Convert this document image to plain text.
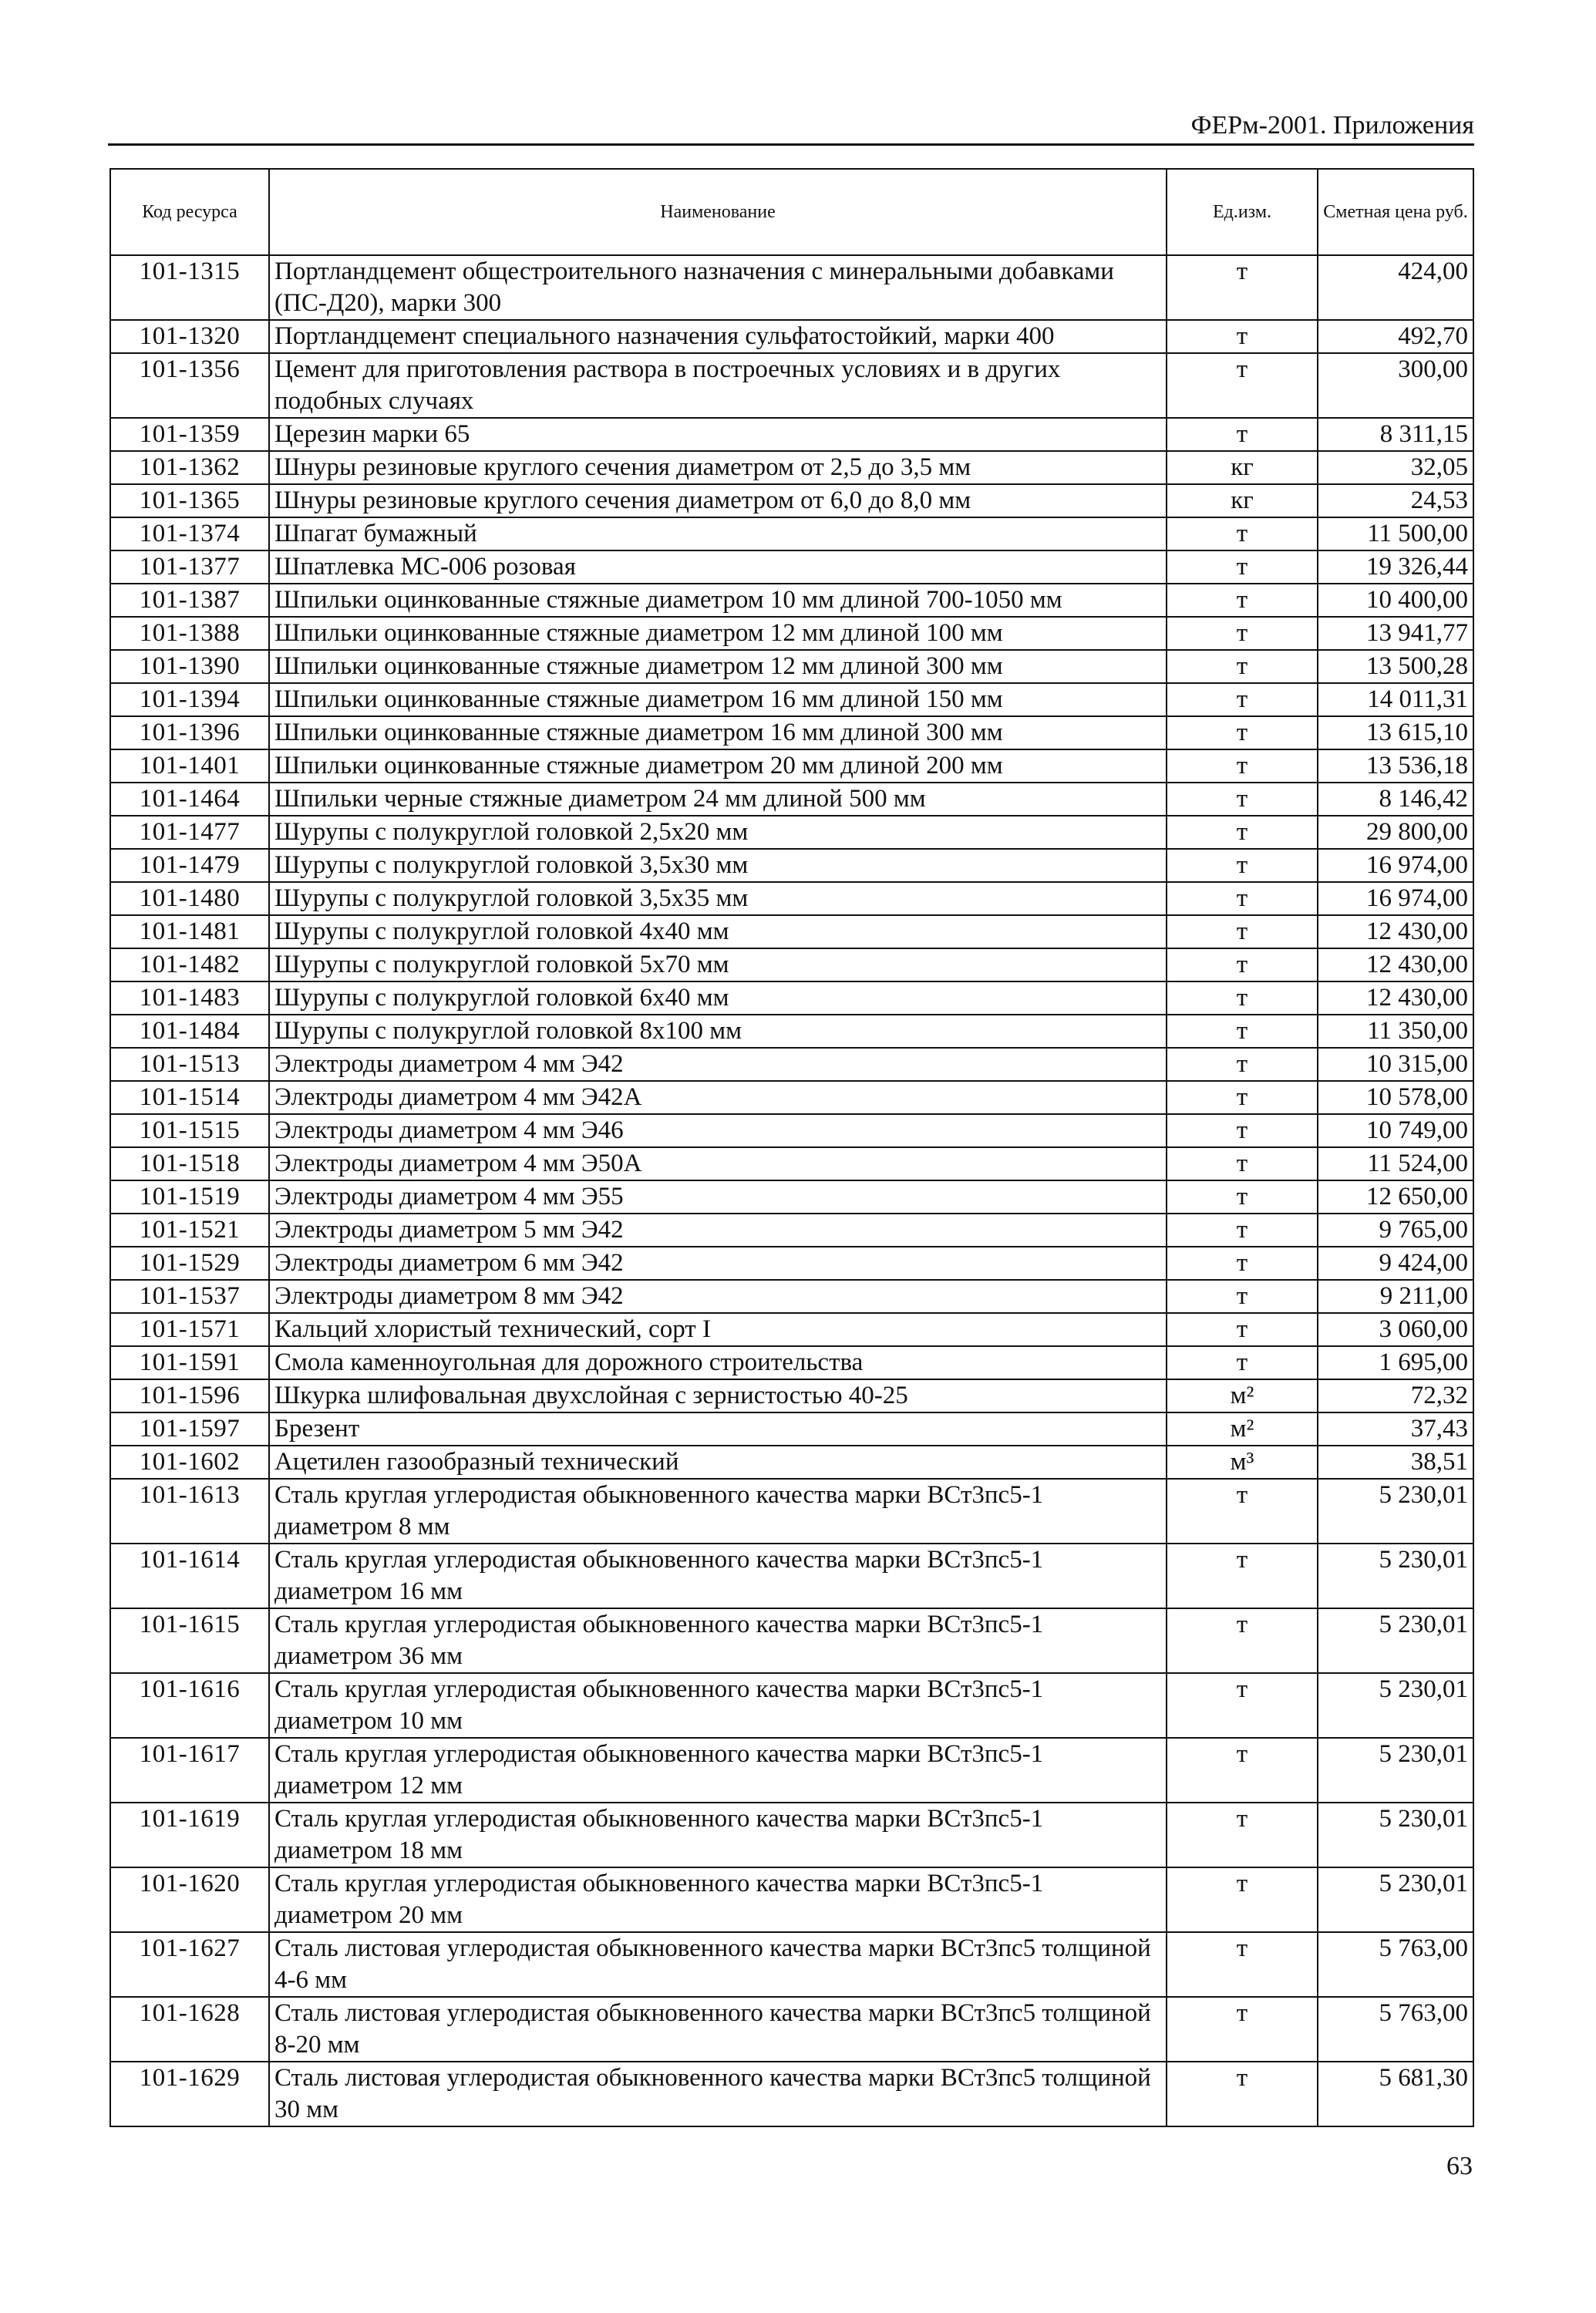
ФЕРм-2001. Приложения
Код ресурса	Наименование	Ед.изм.	Сметная цена руб.
101-1315	Портландцемент общестроительного назначения с минеральными добавками (ПС-Д20), марки 300	т	424,00
101-1320	Портландцемент специального назначения сульфатостойкий, марки 400	т	492,70
101-1356	Цемент для приготовления раствора в построечных условиях и в других подобных случаях	т	300,00
101-1359	Церезин марки 65	т	8 311,15
101-1362	Шнуры резиновые круглого сечения диаметром от 2,5 до 3,5 мм	кг	32,05
101-1365	Шнуры резиновые круглого сечения диаметром от 6,0 до 8,0 мм	кг	24,53
101-1374	Шпагат бумажный	т	11 500,00
101-1377	Шпатлевка МС-006 розовая	т	19 326,44
101-1387	Шпильки оцинкованные стяжные диаметром 10 мм длиной 700-1050 мм	т	10 400,00
101-1388	Шпильки оцинкованные стяжные диаметром 12 мм длиной 100 мм	т	13 941,77
101-1390	Шпильки оцинкованные стяжные диаметром 12 мм длиной 300 мм	т	13 500,28
101-1394	Шпильки оцинкованные стяжные диаметром 16 мм длиной 150 мм	т	14 011,31
101-1396	Шпильки оцинкованные стяжные диаметром 16 мм длиной 300 мм	т	13 615,10
101-1401	Шпильки оцинкованные стяжные диаметром 20 мм длиной 200 мм	т	13 536,18
101-1464	Шпильки черные стяжные диаметром 24 мм длиной 500 мм	т	8 146,42
101-1477	Шурупы с полукруглой головкой 2,5х20 мм	т	29 800,00
101-1479	Шурупы с полукруглой головкой 3,5х30 мм	т	16 974,00
101-1480	Шурупы с полукруглой головкой 3,5х35 мм	т	16 974,00
101-1481	Шурупы с полукруглой головкой 4х40 мм	т	12 430,00
101-1482	Шурупы с полукруглой головкой 5х70 мм	т	12 430,00
101-1483	Шурупы с полукруглой головкой 6х40 мм	т	12 430,00
101-1484	Шурупы с полукруглой головкой 8х100 мм	т	11 350,00
101-1513	Электроды диаметром 4 мм Э42	т	10 315,00
101-1514	Электроды диаметром 4 мм Э42А	т	10 578,00
101-1515	Электроды диаметром 4 мм Э46	т	10 749,00
101-1518	Электроды диаметром 4 мм Э50А	т	11 524,00
101-1519	Электроды диаметром 4 мм Э55	т	12 650,00
101-1521	Электроды диаметром 5 мм Э42	т	9 765,00
101-1529	Электроды диаметром 6 мм Э42	т	9 424,00
101-1537	Электроды диаметром 8 мм Э42	т	9 211,00
101-1571	Кальций хлористый технический, сорт I	т	3 060,00
101-1591	Смола каменноугольная для дорожного строительства	т	1 695,00
101-1596	Шкурка шлифовальная двухслойная с зернистостью 40-25	м²	72,32
101-1597	Брезент	м²	37,43
101-1602	Ацетилен газообразный технический	м³	38,51
101-1613	Сталь круглая углеродистая обыкновенного качества марки ВСт3пс5-1 диаметром 8 мм	т	5 230,01
101-1614	Сталь круглая углеродистая обыкновенного качества марки ВСт3пс5-1 диаметром 16 мм	т	5 230,01
101-1615	Сталь круглая углеродистая обыкновенного качества марки ВСт3пс5-1 диаметром 36 мм	т	5 230,01
101-1616	Сталь круглая углеродистая обыкновенного качества марки ВСт3пс5-1 диаметром 10 мм	т	5 230,01
101-1617	Сталь круглая углеродистая обыкновенного качества марки ВСт3пс5-1 диаметром 12 мм	т	5 230,01
101-1619	Сталь круглая углеродистая обыкновенного качества марки ВСт3пс5-1 диаметром 18 мм	т	5 230,01
101-1620	Сталь круглая углеродистая обыкновенного качества марки ВСт3пс5-1 диаметром 20 мм	т	5 230,01
101-1627	Сталь листовая углеродистая обыкновенного качества марки ВСт3пс5 толщиной 4-6 мм	т	5 763,00
101-1628	Сталь листовая углеродистая обыкновенного качества марки ВСт3пс5 толщиной 8-20 мм	т	5 763,00
101-1629	Сталь листовая углеродистая обыкновенного качества марки ВСт3пс5 толщиной 30 мм	т	5 681,30
63
